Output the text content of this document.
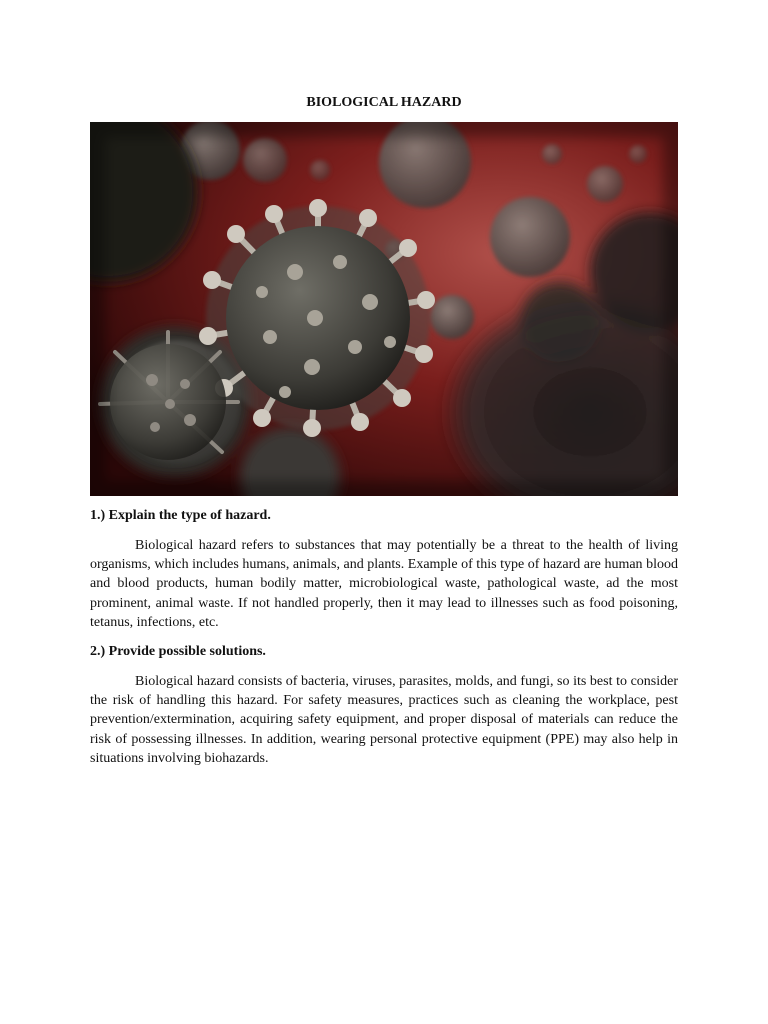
BIOLOGICAL HAZARD
1.) Explain the type of hazard.

Biological hazard refers to substances that may potentially be a threat to the health of living organisms, which includes humans, animals, and plants. Example of this type of hazard are human blood and blood products, human bodily matter, microbiological waste, pathological waste, ad the most prominent, animal waste. If not handled properly, then it may lead to illnesses such as food poisoning, tetanus, infections, etc.

2.) Provide possible solutions.

Biological hazard consists of bacteria, viruses, parasites, molds, and fungi, so its best to consider the risk of handling this hazard. For safety measures, practices such as cleaning the workplace, pest prevention/extermination, acquiring safety equipment, and proper disposal of materials can reduce the risk of possessing illnesses. In addition, wearing personal protective equipment (PPE) may also help in situations involving biohazards.
